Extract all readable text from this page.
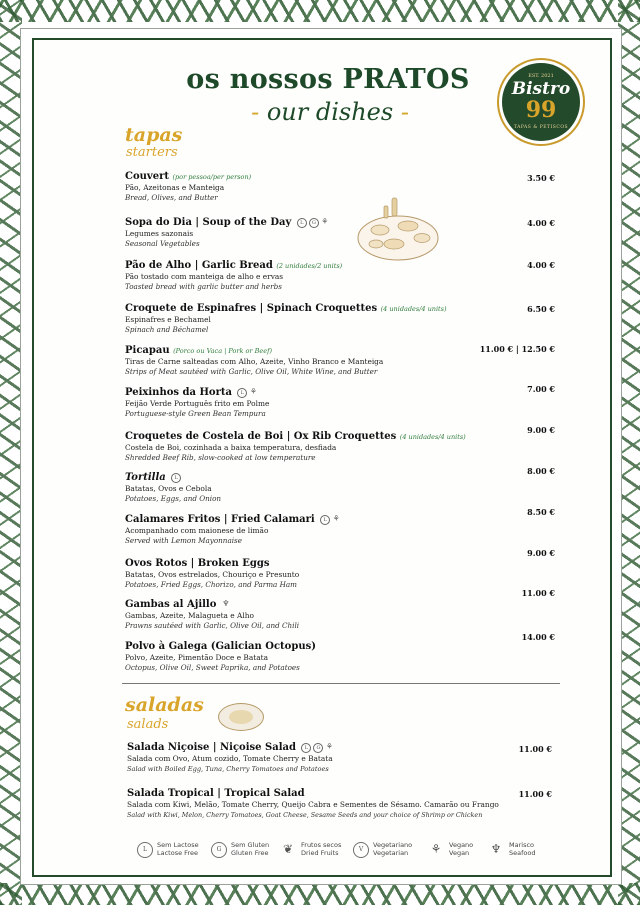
os nossos PRATOS
- our dishes -
EST. 2021
Bistro
99
TAPAS & PETISCOS
tapas
starters
Couvert (por pessoa/per person)
Pão, Azeitonas e Manteiga
Bread, Olives, and Butter
3.50 €
Sopa do Dia | Soup of the Day L G ⚘
Legumes sazonais
Seasonal Vegetables
4.00 €
Pão de Alho | Garlic Bread (2 unidades/2 units)
Pão tostado com manteiga de alho e ervas
Toasted bread with garlic butter and herbs
4.00 €
Croquete de Espinafres | Spinach Croquettes (4 unidades/4 units)
Espinafres e Bechamel
Spinach and Béchamel
6.50 €
Picapau (Porco ou Vaca | Pork or Beef)
Tiras de Carne salteadas com Alho, Azeite, Vinho Branco e Manteiga
Strips of Meat sautéed with Garlic, Olive Oil, White Wine, and Butter
11.00 € | 12.50 €
Peixinhos da Horta L ⚘
Feijão Verde Português frito em Polme
Portuguese-style Green Bean Tempura
7.00 €
Croquetes de Costela de Boi | Ox Rib Croquettes (4 unidades/4 units)
Costela de Boi, cozinhada a baixa temperatura, desfiada
Shredded Beef Rib, slow-cooked at low temperature
9.00 €
Tortilla L
Batatas, Ovos e Cebola
Potatoes, Eggs, and Onion
8.00 €
Calamares Fritos | Fried Calamari L ⚘
Acompanhado com maionese de limão
Served with Lemon Mayonnaise
8.50 €
Ovos Rotos | Broken Eggs
Batatas, Ovos estrelados, Chouriço e Presunto
Potatoes, Fried Eggs, Chorizo, and Parma Ham
9.00 €
Gambas al Ajillo ♆
Gambas, Azeite, Malagueta e Alho
Prawns sautéed with Garlic, Olive Oil, and Chili
11.00 €
Polvo à Galega (Galician Octopus)
Polvo, Azeite, Pimentão Doce e Batata
Octopus, Olive Oil, Sweet Paprika, and Potatoes
14.00 €
saladas
salads
Salada Niçoise | Niçoise Salad L G ⚘
Salada com Ovo, Atum cozido, Tomate Cherry e Batata
Salad with Boiled Egg, Tuna, Cherry Tomatoes and Potatoes
11.00 €
Salada Tropical | Tropical Salad
Salada com Kiwi, Melão, Tomate Cherry, Queijo Cabra e Sementes de Sésamo. Camarão ou Frango
Salad with Kiwi, Melon, Cherry Tomatoes, Goat Cheese, Sesame Seeds and your choice of Shrimp or Chicken
11.00 €
L
Sem Lactose
Lactose Free	G
Sem Gluten
Gluten Free ❦	Frutos secos
Dried Fruits	V
Vegetariano
Vegetarian	⚘ Vegano
Vegan	♆ Marisco
Seafood
